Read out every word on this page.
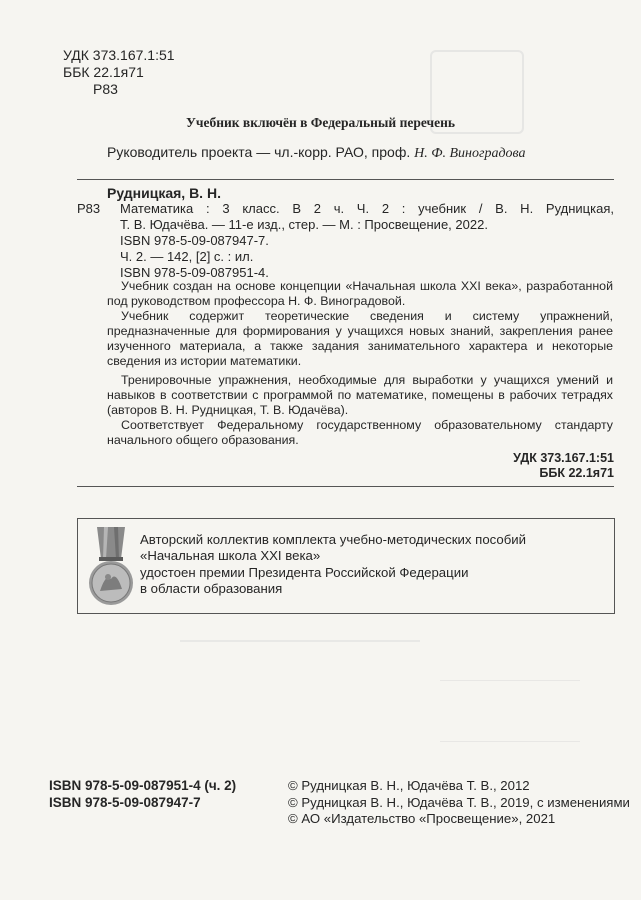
УДК 373.167.1:51
ББК 22.1я71
Р83
Учебник включён в Федеральный перечень
Руководитель проекта — чл.-корр. РАО, проф. Н. Ф. Виноградова
Р83
Рудницкая, В. Н.
Математика : 3 класс. В 2 ч. Ч. 2 : учебник / В. Н. Рудницкая,
Т. В. Юдачёва. — 11-е изд., стер. — М. : Просвещение, 2022.
ISBN 978-5-09-087947-7.
Ч. 2. — 142, [2] с. : ил.
ISBN 978-5-09-087951-4.
Учебник создан на основе концепции «Начальная школа XXI века», разработанной под руководством профессора Н. Ф. Виноградовой.
Учебник содержит теоретические сведения и систему упражнений, предназначенные для формирования у учащихся новых знаний, закрепления ранее изученного материала, а также задания занимательного характера и некоторые сведения из истории математики.
Тренировочные упражнения, необходимые для выработки у учащихся умений и навыков в соответствии с программой по математике, помещены в рабочих тетрадях (авторов В. Н. Рудницкая, Т. В. Юдачёва).
Соответствует Федеральному государственному образовательному стандарту начального общего образования.
УДК 373.167.1:51
ББК 22.1я71
Авторский коллектив комплекта учебно-методических пособий
«Начальная школа XXI века»
удостоен премии Президента Российской Федерации
в области образования
ISBN 978-5-09-087951-4 (ч. 2)
ISBN 978-5-09-087947-7
© Рудницкая В. Н., Юдачёва Т. В., 2012
© Рудницкая В. Н., Юдачёва Т. В., 2019, с изменениями
© АО «Издательство «Просвещение», 2021
